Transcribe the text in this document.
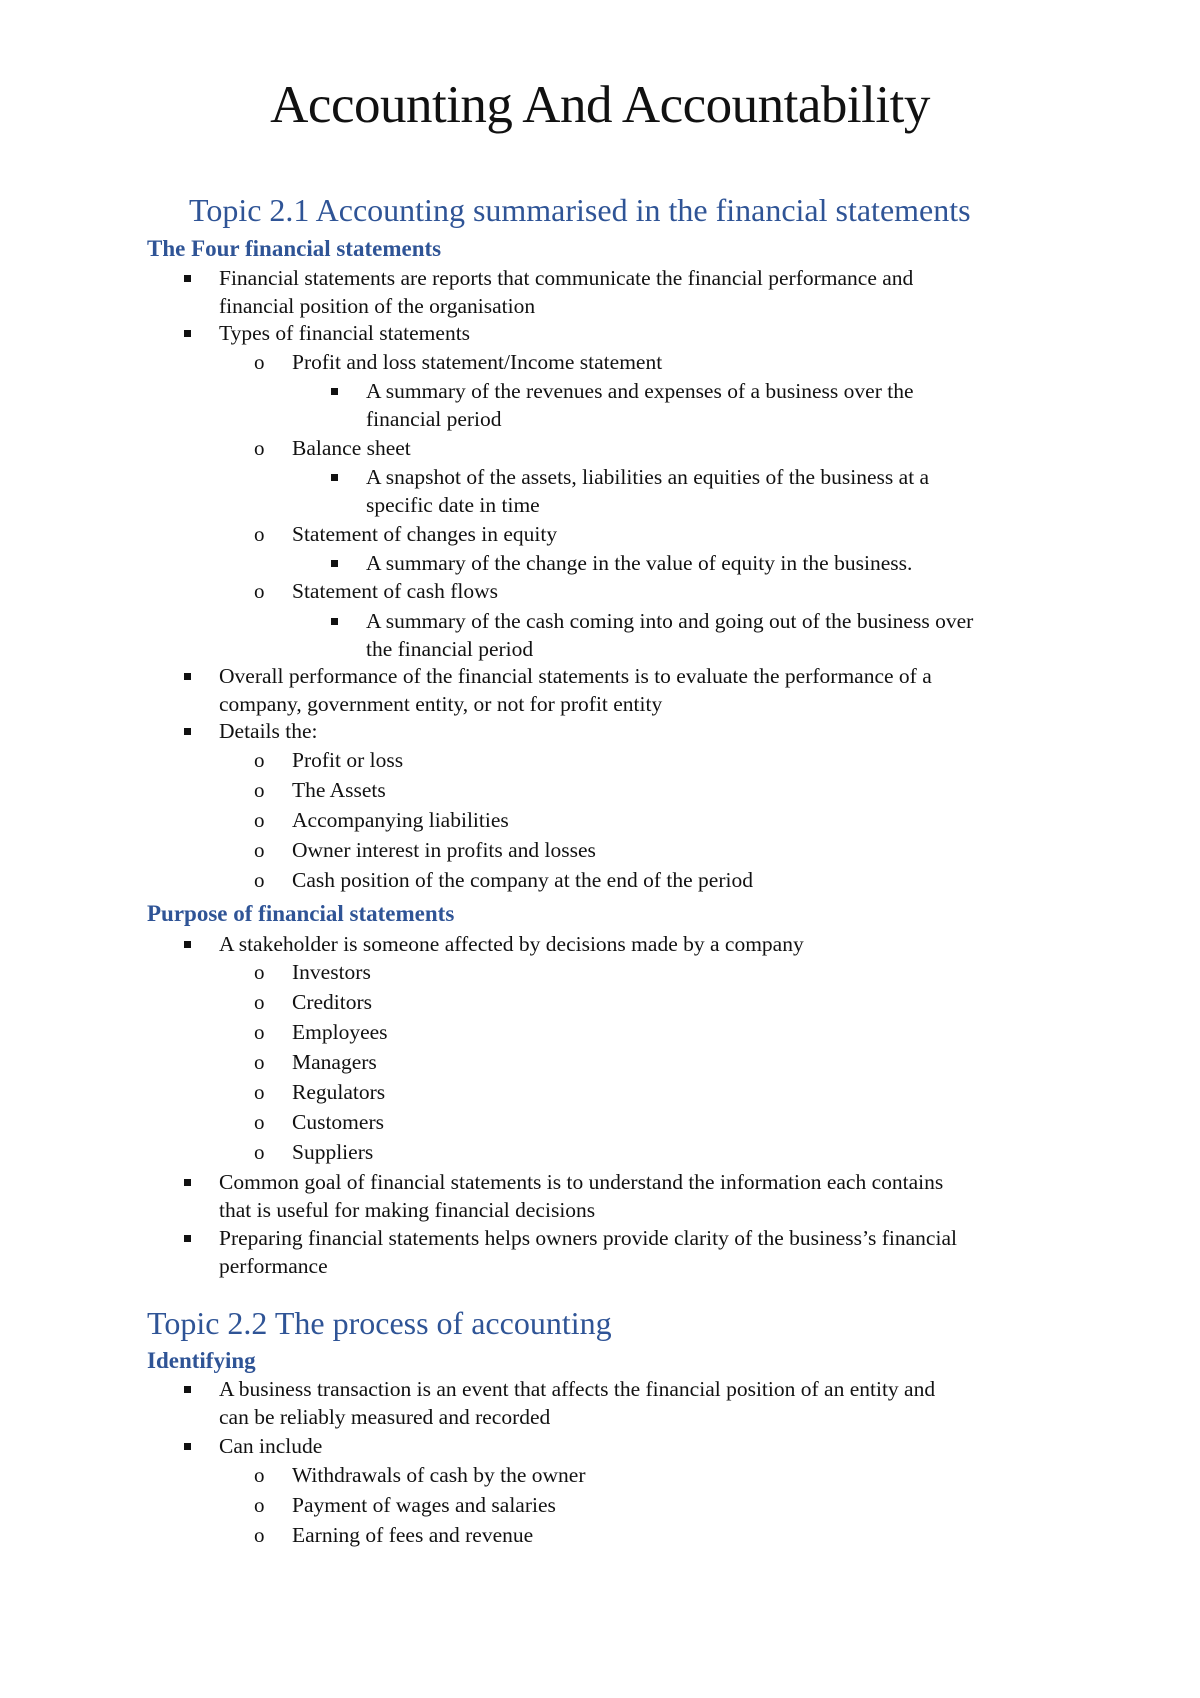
Accounting And Accountability
Topic 2.1 Accounting summarised in the financial statements
The Four financial statements
Financial statements are reports that communicate the financial performance and
financial position of the organisation
Types of financial statements
o Profit and loss statement/Income statement
A summary of the revenues and expenses of a business over the
financial period
o Balance sheet
A snapshot of the assets, liabilities an equities of the business at a
specific date in time
o Statement of changes in equity
A summary of the change in the value of equity in the business.
o Statement of cash flows
A summary of the cash coming into and going out of the business over
the financial period
Overall performance of the financial statements is to evaluate the performance of a
company, government entity, or not for profit entity
Details the:
o Profit or loss
o The Assets
o Accompanying liabilities
o Owner interest in profits and losses
o Cash position of the company at the end of the period
Purpose of financial statements
A stakeholder is someone affected by decisions made by a company
o Investors
o Creditors
o Employees
o Managers
o Regulators
o Customers
o Suppliers
Common goal of financial statements is to understand the information each contains
that is useful for making financial decisions
Preparing financial statements helps owners provide clarity of the business’s financial
performance
Topic 2.2 The process of accounting
Identifying
A business transaction is an event that affects the financial position of an entity and
can be reliably measured and recorded
Can include
o Withdrawals of cash by the owner
o Payment of wages and salaries
o Earning of fees and revenue
